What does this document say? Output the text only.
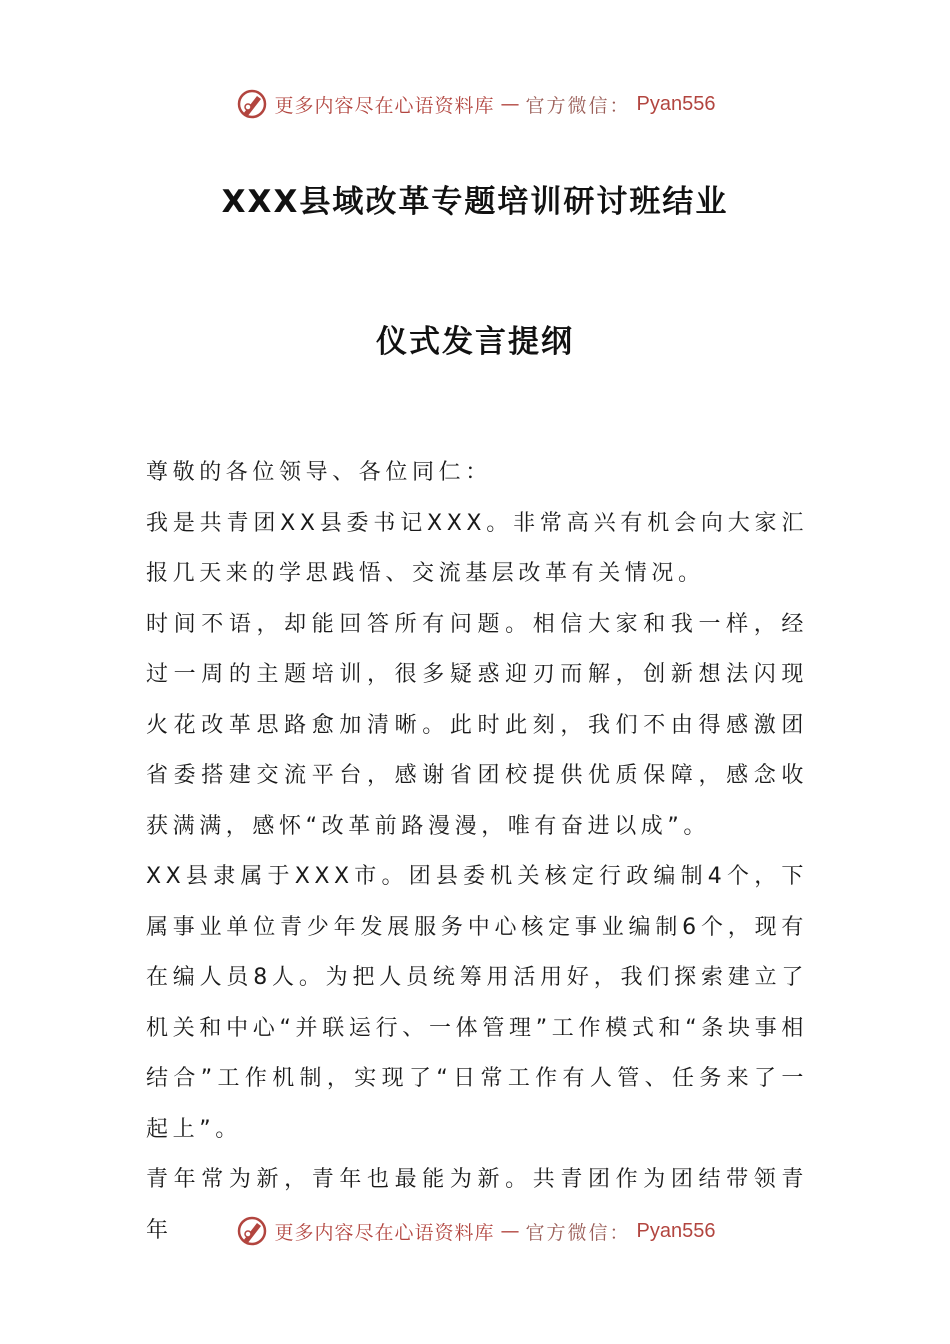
更多内容尽在心语资料库 — 官方微信： Pyan556
XXX县域改革专题培训研讨班结业
仪式发言提纲

尊敬的各位领导、各位同仁：

我是共青团XX县委书记XXX。非常高兴有机会向大家汇报几天来的学思践悟、交流基层改革有关情况。

时间不语，却能回答所有问题。相信大家和我一样，经过一周的主题培训，很多疑惑迎刃而解，创新想法闪现火花改革思路愈加清晰。此时此刻，我们不由得感激团省委搭建交流平台，感谢省团校提供优质保障，感念收获满满，感怀“改革前路漫漫，唯有奋进以成”。

XX县隶属于XXX市。团县委机关核定行政编制4个，下属事业单位青少年发展服务中心核定事业编制6个，现有在编人员8人。为把人员统筹用活用好，我们探索建立了机关和中心“并联运行、一体管理”工作模式和“条块事相结合”工作机制，实现了“日常工作有人管、任务来了一起上”。

青年常为新，青年也最能为新。共青团作为团结带领青年	更多内容尽在心语资料库 — 官方微信： Pyan556
